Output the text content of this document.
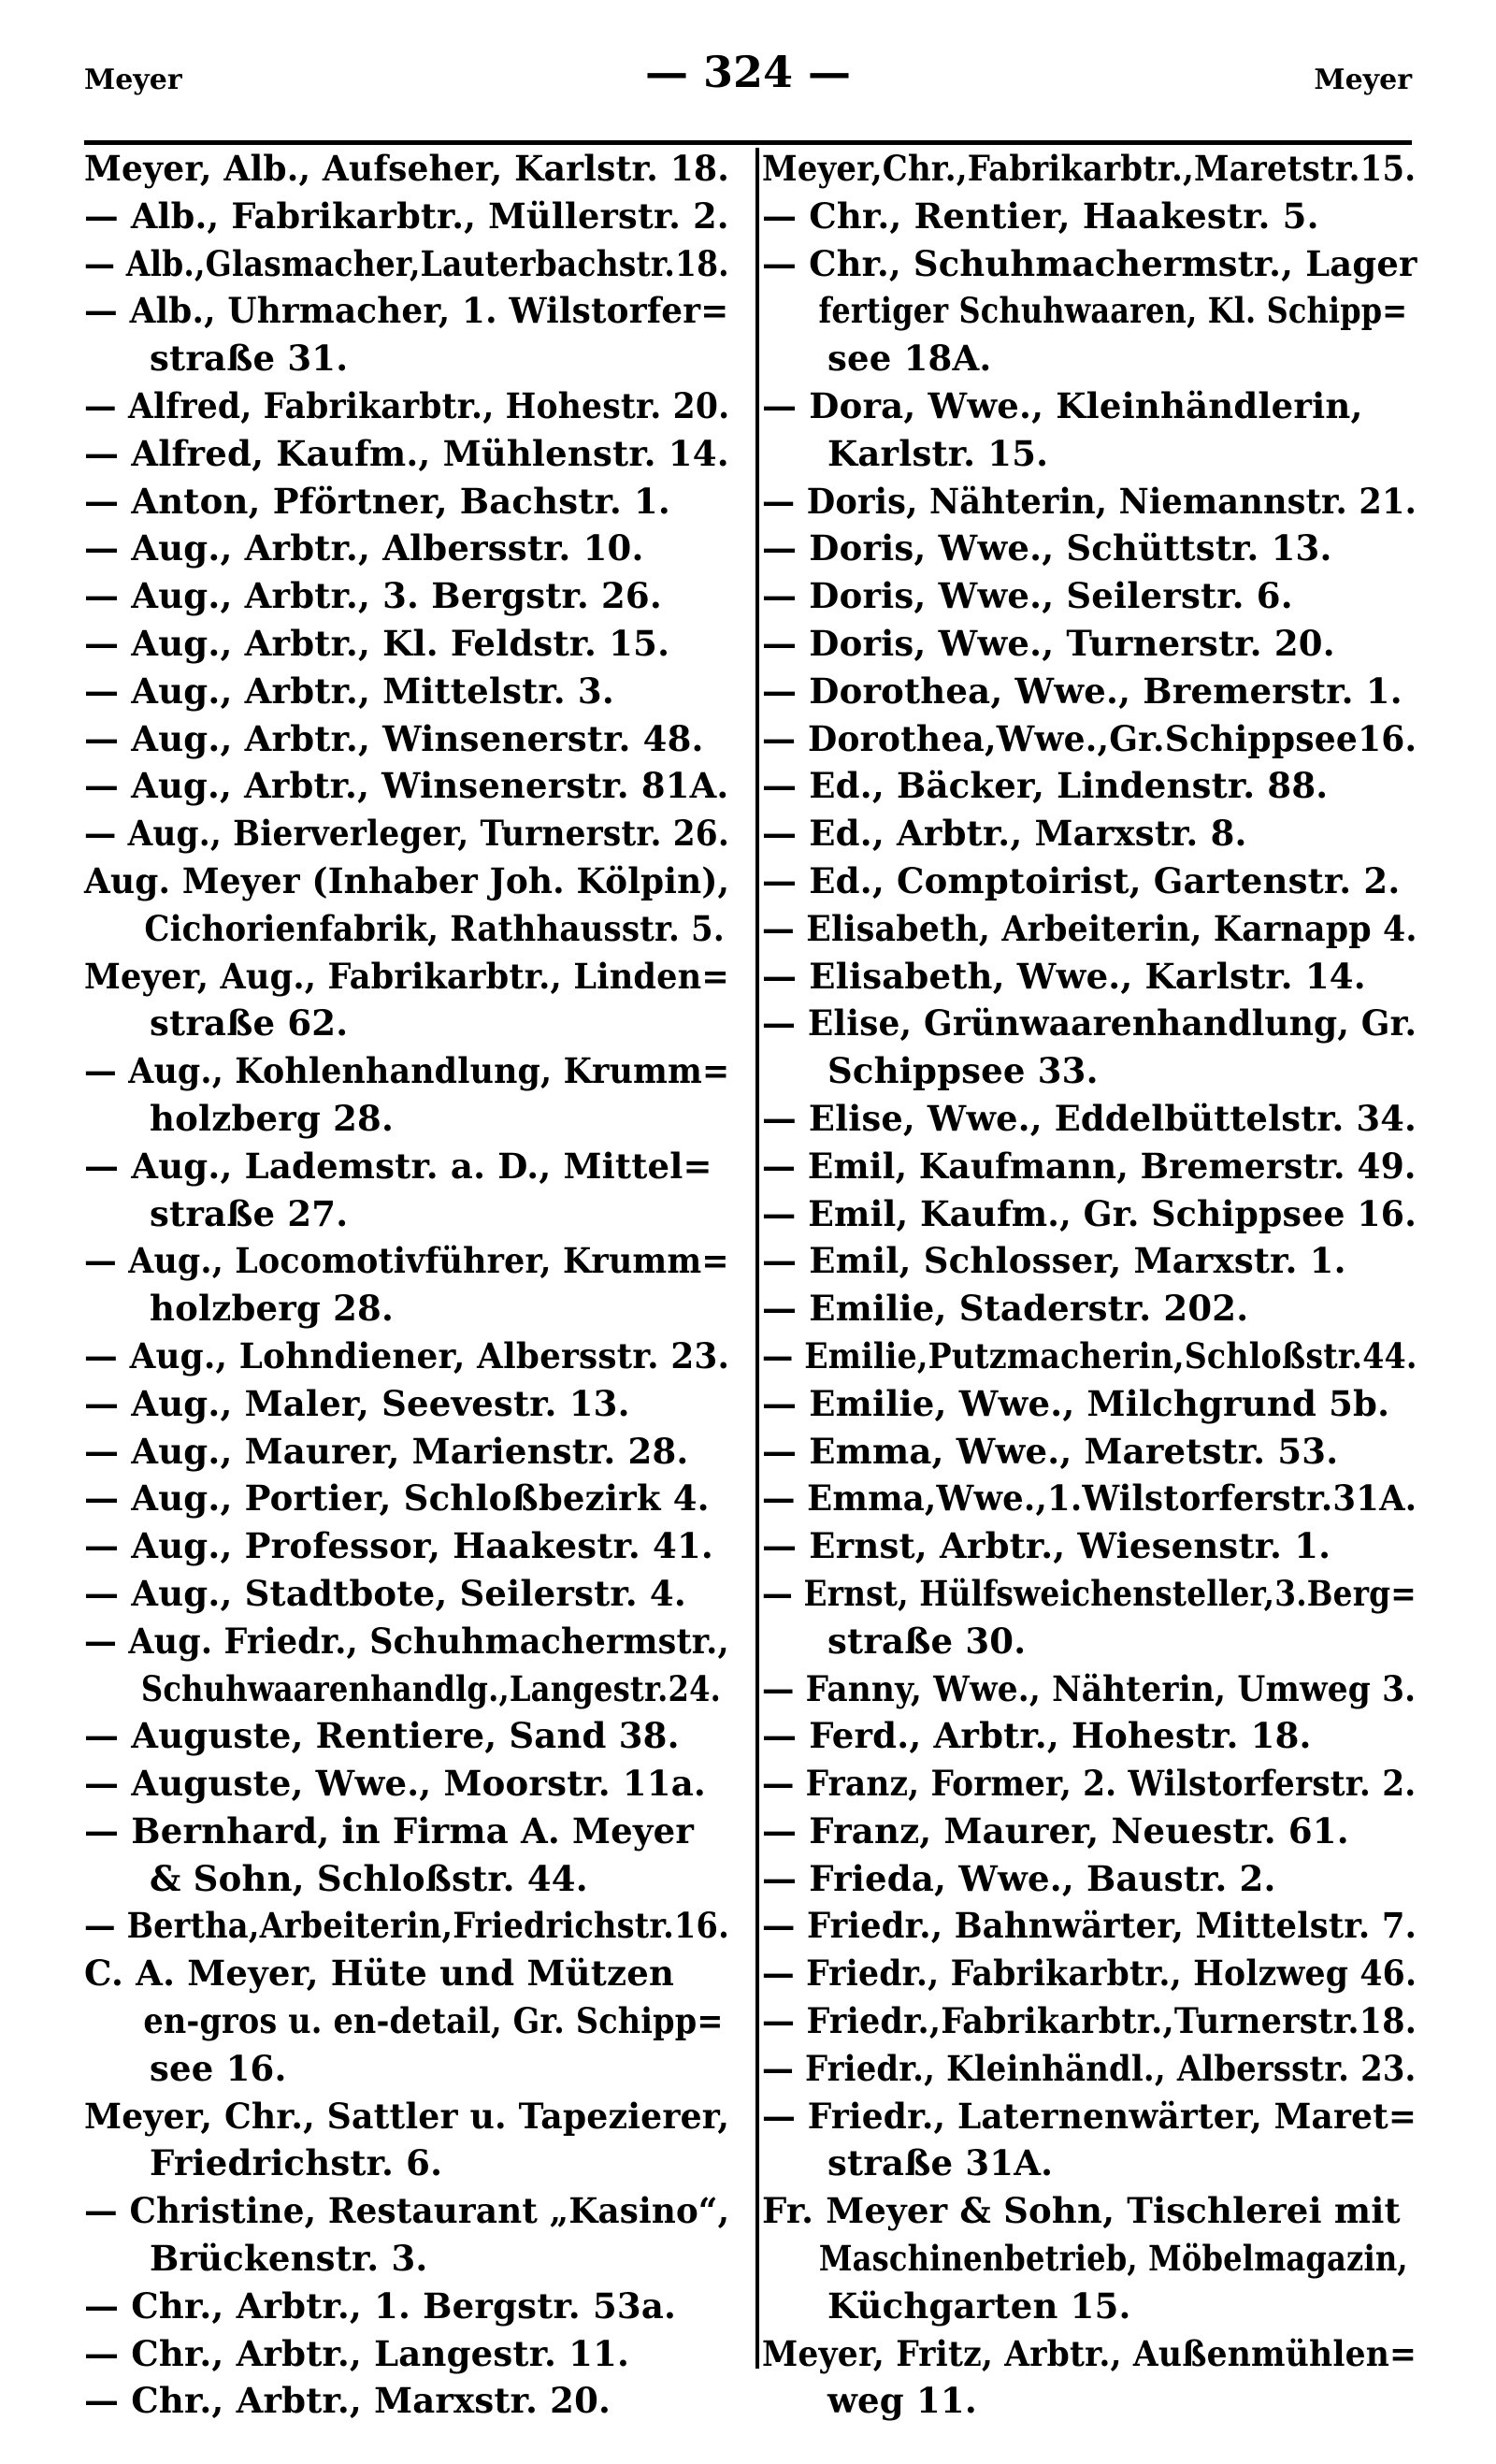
Meyer	— 324 —	Meyer
Meyer, Alb., Aufseher, Karlstr. 18.
— Alb., Fabrikarbtr., Müllerstr. 2.
— Alb.,Glasmacher,Lauterbachstr.18.
— Alb., Uhrmacher, 1. Wilstorfer=
straße 31.
— Alfred, Fabrikarbtr., Hohestr. 20.
— Alfred, Kaufm., Mühlenstr. 14.
— Anton, Pförtner, Bachstr. 1.
— Aug., Arbtr., Albersstr. 10.
— Aug., Arbtr., 3. Bergstr. 26.
— Aug., Arbtr., Kl. Feldstr. 15.
— Aug., Arbtr., Mittelstr. 3.
— Aug., Arbtr., Winsenerstr. 48.
— Aug., Arbtr., Winsenerstr. 81A.
— Aug., Bierverleger, Turnerstr. 26.
Aug. Meyer (Inhaber Joh. Kölpin),
Cichorienfabrik, Rathhausstr. 5.
Meyer, Aug., Fabrikarbtr., Linden=
straße 62.
— Aug., Kohlenhandlung, Krumm=
holzberg 28.
— Aug., Lademstr. a. D., Mittel=
straße 27.
— Aug., Locomotivführer, Krumm=
holzberg 28.
— Aug., Lohndiener, Albersstr. 23.
— Aug., Maler, Seevestr. 13.
— Aug., Maurer, Marienstr. 28.
— Aug., Portier, Schloßbezirk 4.
— Aug., Professor, Haakestr. 41.
— Aug., Stadtbote, Seilerstr. 4.
— Aug. Friedr., Schuhmachermstr.,
Schuhwaarenhandlg.,Langestr.24.
— Auguste, Rentiere, Sand 38.
— Auguste, Wwe., Moorstr. 11a.
— Bernhard, in Firma A. Meyer
& Sohn, Schloßstr. 44.
— Bertha,Arbeiterin,Friedrichstr.16.
C. A. Meyer, Hüte und Mützen
en-gros u. en-detail, Gr. Schipp=
see 16.
Meyer, Chr., Sattler u. Tapezierer,
Friedrichstr. 6.
— Christine, Restaurant „Kasino“,
Brückenstr. 3.
— Chr., Arbtr., 1. Bergstr. 53a.
— Chr., Arbtr., Langestr. 11.
— Chr., Arbtr., Marxstr. 20.
Meyer,Chr.,Fabrikarbtr.,Maretstr.15.
— Chr., Rentier, Haakestr. 5.
— Chr., Schuhmachermstr., Lager
fertiger Schuhwaaren, Kl. Schipp=
see 18A.
— Dora, Wwe., Kleinhändlerin,
Karlstr. 15.
— Doris, Nähterin, Niemannstr. 21.
— Doris, Wwe., Schüttstr. 13.
— Doris, Wwe., Seilerstr. 6.
— Doris, Wwe., Turnerstr. 20.
— Dorothea, Wwe., Bremerstr. 1.
— Dorothea,Wwe.,Gr.Schippsee16.
— Ed., Bäcker, Lindenstr. 88.
— Ed., Arbtr., Marxstr. 8.
— Ed., Comptoirist, Gartenstr. 2.
— Elisabeth, Arbeiterin, Karnapp 4.
— Elisabeth, Wwe., Karlstr. 14.
— Elise, Grünwaarenhandlung, Gr.
Schippsee 33.
— Elise, Wwe., Eddelbüttelstr. 34.
— Emil, Kaufmann, Bremerstr. 49.
— Emil, Kaufm., Gr. Schippsee 16.
— Emil, Schlosser, Marxstr. 1.
— Emilie, Staderstr. 202.
— Emilie,Putzmacherin,Schloßstr.44.
— Emilie, Wwe., Milchgrund 5b.
— Emma, Wwe., Maretstr. 53.
— Emma,Wwe.,1.Wilstorferstr.31A.
— Ernst, Arbtr., Wiesenstr. 1.
— Ernst, Hülfsweichensteller,3.Berg=
straße 30.
— Fanny, Wwe., Nähterin, Umweg 3.
— Ferd., Arbtr., Hohestr. 18.
— Franz, Former, 2. Wilstorferstr. 2.
— Franz, Maurer, Neuestr. 61.
— Frieda, Wwe., Baustr. 2.
— Friedr., Bahnwärter, Mittelstr. 7.
— Friedr., Fabrikarbtr., Holzweg 46.
— Friedr.,Fabrikarbtr.,Turnerstr.18.
— Friedr., Kleinhändl., Albersstr. 23.
— Friedr., Laternenwärter, Maret=
straße 31A.
Fr. Meyer & Sohn, Tischlerei mit
Maschinenbetrieb, Möbelmagazin,
Küchgarten 15.
Meyer, Fritz, Arbtr., Außenmühlen=
weg 11.
